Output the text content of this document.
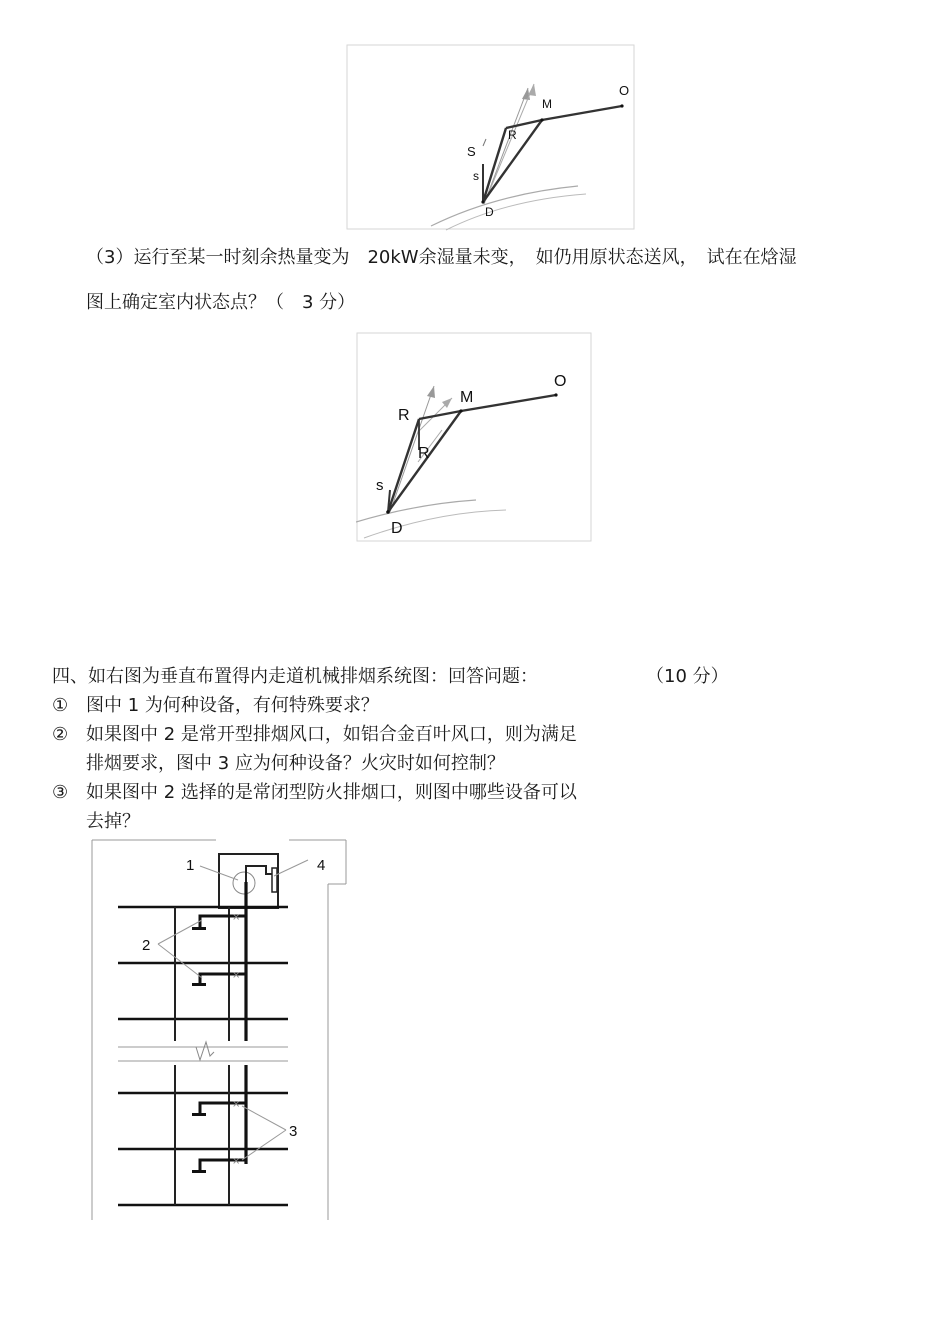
O
M
R
S
s
D
（3）运行至某一时刻余热量变为　20kW余湿量未变，　如仍用原状态送风，　试在在焓湿
图上确定室内状态点？（　3 分）
O
M
R
R
s
D
四、如右图为垂直布置得内走道机械排烟系统图：回答问题：	（10 分）
① 图中 1 为何种设备，有何特殊要求？
② 如果图中 2 是常开型排烟风口，如铝合金百叶风口，则为满足
排烟要求，图中 3 应为何种设备？火灾时如何控制？
③ 如果图中 2 选择的是常闭型防火排烟口，则图中哪些设备可以
去掉？
×
×
×
×
1	4
2
3
